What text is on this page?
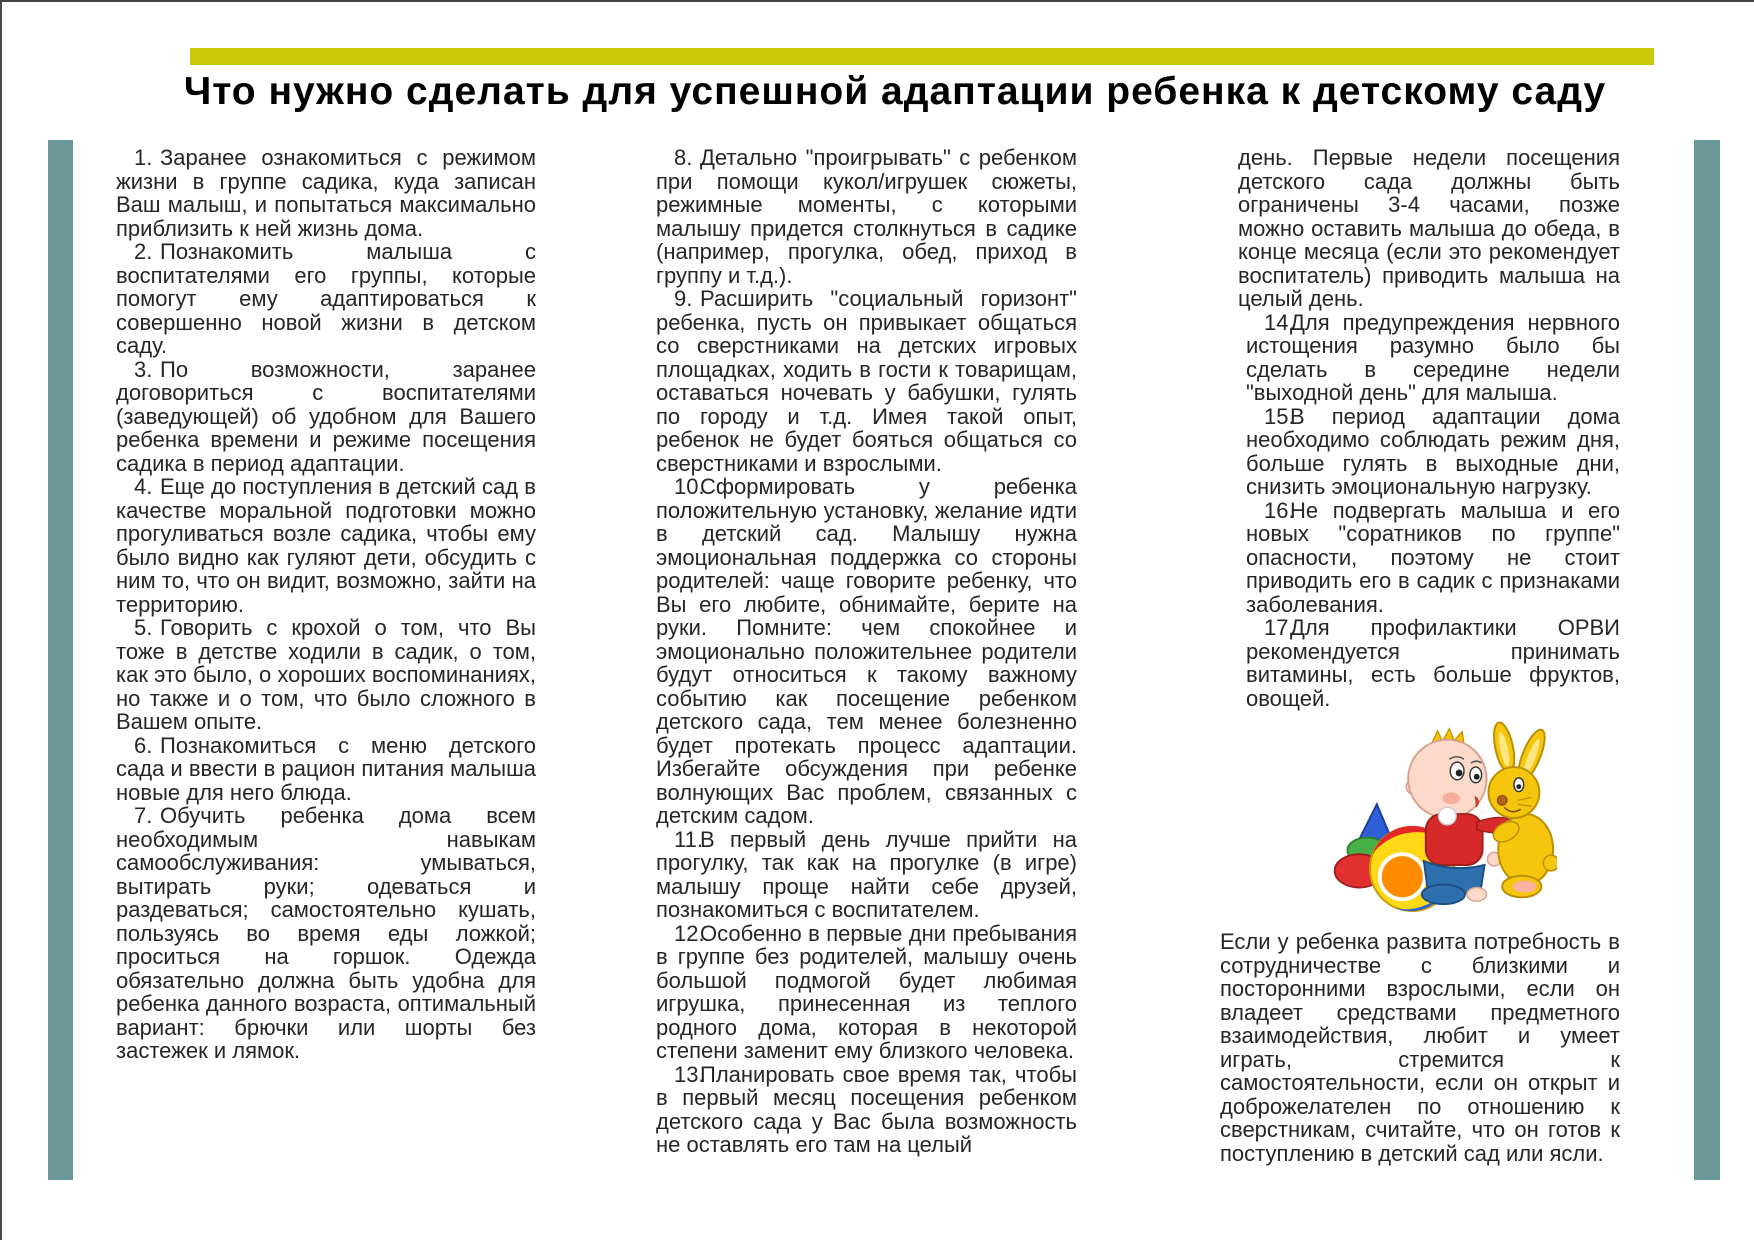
Что нужно сделать для успешной адаптации ребенка к детскому саду
1. Заранее ознакомиться с режимом жизни в группе садика, куда записан Ваш малыш, и попытаться максимально приблизить к ней жизнь дома.
2. Познакомить малыша с воспитателями его группы, которые помогут ему адаптироваться к совершенно новой жизни в детском саду.
3. По возможности, заранее договориться с воспитателями (заведующей) об удобном для Вашего ребенка времени и режиме посещения садика в период адаптации.
4. Еще до поступления в детский сад в качестве моральной подготовки можно прогуливаться возле садика, чтобы ему было видно как гуляют дети, обсудить с ним то, что он видит, возможно, зайти на территорию.
5. Говорить с крохой о том, что Вы тоже в детстве ходили в садик, о том, как это было, о хороших воспоминаниях, но также и о том, что было сложного в Вашем опыте.
6. Познакомиться с меню детского сада и ввести в рацион питания малыша новые для него блюда.
7. Обучить ребенка дома всем необходимым навыкам самообслуживания: умываться, вытирать руки; одеваться и раздеваться; самостоятельно кушать, пользуясь во время еды ложкой; проситься на горшок. Одежда обязательно должна быть удобна для ребенка данного возраста, оптимальный вариант: брючки или шорты без застежек и лямок.
8. Детально "проигрывать" с ребенком при помощи кукол/игрушек сюжеты, режимные моменты, с которыми малышу придется столкнуться в садике (например, прогулка, обед, приход в группу и т.д.).
9. Расширить "социальный горизонт" ребенка, пусть он привыкает общаться со сверстниками на детских игровых площадках, ходить в гости к товарищам, оставаться ночевать у бабушки, гулять по городу и т.д. Имея такой опыт, ребенок не будет бояться общаться со сверстниками и взрослыми.
10.
Сформировать у ребенка положительную установку, желание идти в детский сад. Малышу нужна эмоциональная поддержка со стороны родителей: чаще говорите ребенку, что Вы его любите, обнимайте, берите на руки. Помните: чем спокойнее и эмоционально положительнее родители будут относиться к такому важному событию как посещение ребенком детского сада, тем менее болезненно будет протекать процесс адаптации. Избегайте обсуждения при ребенке волнующих Вас проблем, связанных с детским садом.
11.
В первый день лучше прийти на прогулку, так как на прогулке (в игре) малышу проще найти себе друзей, познакомиться с воспитателем.
12.
Особенно в первые дни пребывания в группе без родителей, малышу очень большой подмогой будет любимая игрушка, принесенная из теплого родного дома, которая в некоторой степени заменит ему близкого человека.
13.
Планировать свое время так, чтобы в первый месяц посещения ребенком детского сада у Вас была возможность не оставлять его там на целый

день. Первые недели посещения детского сада должны быть ограничены 3-4 часами, позже можно оставить малыша до обеда, в конце месяца (если это рекомендует воспитатель) приводить малыша на целый день.

14.
Для предупреждения нервного истощения разумно было бы сделать в середине недели "выходной день" для малыша.
15.
В период адаптации дома необходимо соблюдать режим дня, больше гулять в выходные дни, снизить эмоциональную нагрузку.
16.
Не подвергать малыша и его новых "соратников по группе" опасности, поэтому не стоит приводить его в садик с признаками заболевания.
17.
Для профилактики ОРВИ рекомендуется принимать витамины, есть больше фруктов, овощей.

Если у ребенка развита потребность в сотрудничестве с близкими и посторонними взрослыми, если он владеет средствами предметного взаимодействия, любит и умеет играть, стремится к самостоятельности, если он открыт и доброжелателен по отношению к сверстникам, считайте, что он готов к поступлению в детский сад или ясли.
